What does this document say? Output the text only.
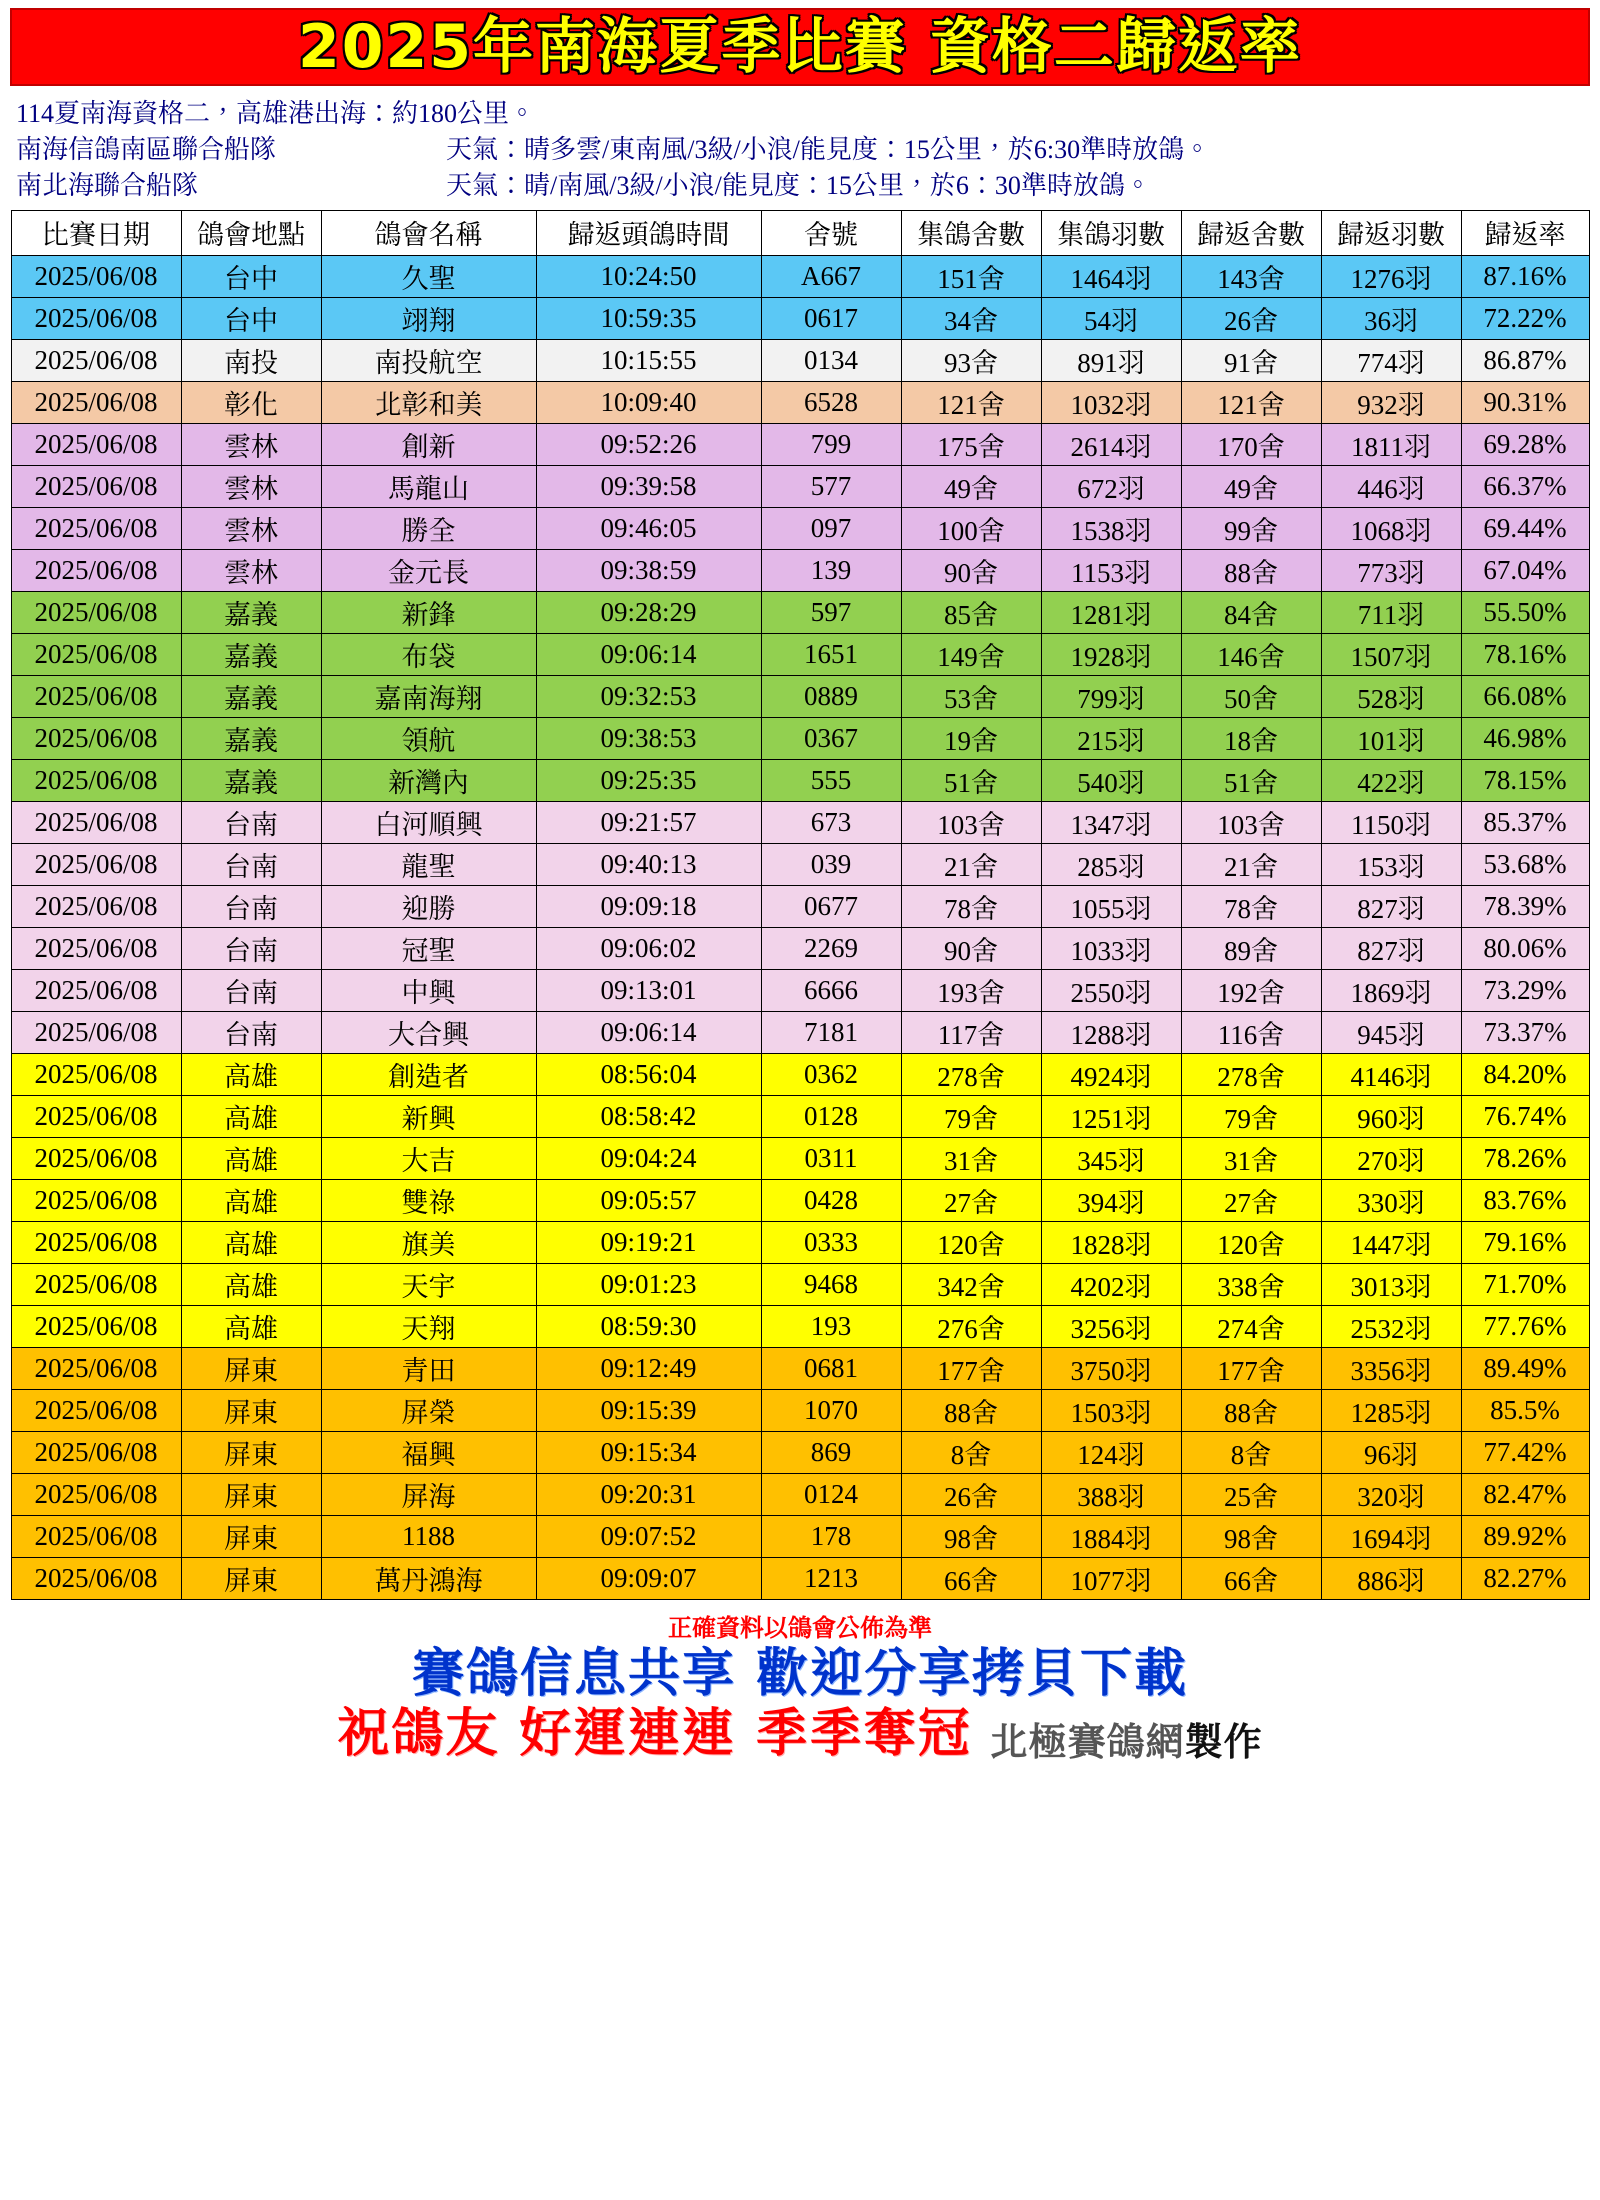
2025年南海夏季比賽 資格二歸返率
114夏南海資格二，高雄港出海：約180公里。
南海信鴿南區聯合船隊	天氣：晴多雲/東南風/3級/小浪/能見度：15公里，於6:30準時放鴿。
南北海聯合船隊	天氣：晴/南風/3級/小浪/能見度：15公里，於6：30準時放鴿。
比賽日期	鴿會地點	鴿會名稱	歸返頭鴿時間	舍號	集鴿舍數	集鴿羽數	歸返舍數	歸返羽數	歸返率
2025/06/08	台中	久聖	10:24:50	A667	151舍	1464羽	143舍	1276羽	87.16%
2025/06/08	台中	翊翔	10:59:35	0617	34舍	54羽	26舍	36羽	72.22%
2025/06/08	南投	南投航空	10:15:55	0134	93舍	891羽	91舍	774羽	86.87%
2025/06/08	彰化	北彰和美	10:09:40	6528	121舍	1032羽	121舍	932羽	90.31%
2025/06/08	雲林	創新	09:52:26	799	175舍	2614羽	170舍	1811羽	69.28%
2025/06/08	雲林	馬龍山	09:39:58	577	49舍	672羽	49舍	446羽	66.37%
2025/06/08	雲林	勝全	09:46:05	097	100舍	1538羽	99舍	1068羽	69.44%
2025/06/08	雲林	金元長	09:38:59	139	90舍	1153羽	88舍	773羽	67.04%
2025/06/08	嘉義	新鋒	09:28:29	597	85舍	1281羽	84舍	711羽	55.50%
2025/06/08	嘉義	布袋	09:06:14	1651	149舍	1928羽	146舍	1507羽	78.16%
2025/06/08	嘉義	嘉南海翔	09:32:53	0889	53舍	799羽	50舍	528羽	66.08%
2025/06/08	嘉義	領航	09:38:53	0367	19舍	215羽	18舍	101羽	46.98%
2025/06/08	嘉義	新灣內	09:25:35	555	51舍	540羽	51舍	422羽	78.15%
2025/06/08	台南	白河順興	09:21:57	673	103舍	1347羽	103舍	1150羽	85.37%
2025/06/08	台南	龍聖	09:40:13	039	21舍	285羽	21舍	153羽	53.68%
2025/06/08	台南	迎勝	09:09:18	0677	78舍	1055羽	78舍	827羽	78.39%
2025/06/08	台南	冠聖	09:06:02	2269	90舍	1033羽	89舍	827羽	80.06%
2025/06/08	台南	中興	09:13:01	6666	193舍	2550羽	192舍	1869羽	73.29%
2025/06/08	台南	大合興	09:06:14	7181	117舍	1288羽	116舍	945羽	73.37%
2025/06/08	高雄	創造者	08:56:04	0362	278舍	4924羽	278舍	4146羽	84.20%
2025/06/08	高雄	新興	08:58:42	0128	79舍	1251羽	79舍	960羽	76.74%
2025/06/08	高雄	大吉	09:04:24	0311	31舍	345羽	31舍	270羽	78.26%
2025/06/08	高雄	雙祿	09:05:57	0428	27舍	394羽	27舍	330羽	83.76%
2025/06/08	高雄	旗美	09:19:21	0333	120舍	1828羽	120舍	1447羽	79.16%
2025/06/08	高雄	天宇	09:01:23	9468	342舍	4202羽	338舍	3013羽	71.70%
2025/06/08	高雄	天翔	08:59:30	193	276舍	3256羽	274舍	2532羽	77.76%
2025/06/08	屏東	青田	09:12:49	0681	177舍	3750羽	177舍	3356羽	89.49%
2025/06/08	屏東	屏榮	09:15:39	1070	88舍	1503羽	88舍	1285羽	85.5%
2025/06/08	屏東	福興	09:15:34	869	8舍	124羽	8舍	96羽	77.42%
2025/06/08	屏東	屏海	09:20:31	0124	26舍	388羽	25舍	320羽	82.47%
2025/06/08	屏東	1188	09:07:52	178	98舍	1884羽	98舍	1694羽	89.92%
2025/06/08	屏東	萬丹鴻海	09:09:07	1213	66舍	1077羽	66舍	886羽	82.27%
正確資料以鴿會公佈為準
賽鴿信息共享 歡迎分享拷貝下載
祝鴿友 好運連連 季季奪冠 北極賽鴿網製作
